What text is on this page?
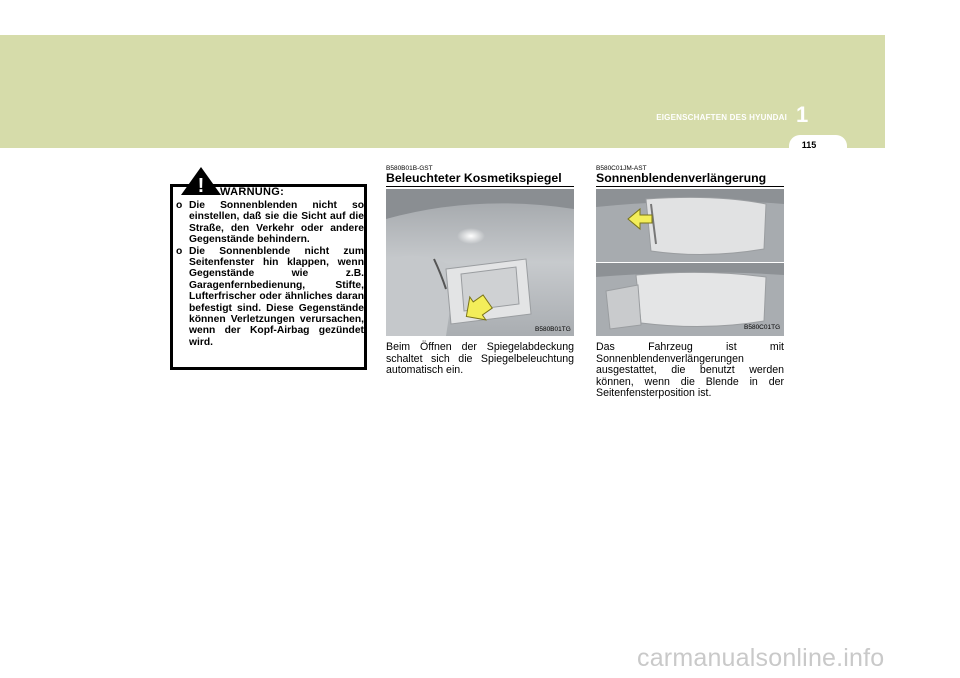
1
EIGENSCHAFTEN DES HYUNDAI
115
! WARNUNG:
o Die Sonnenblenden nicht so einstellen, daß sie die Sicht auf die Straße, den Verkehr oder andere Gegenstände behindern.
o Die Sonnenblende nicht zum Seitenfenster hin klappen, wenn Gegenstände wie z.B. Garagenfernbedienung, Stifte, Lufterfrischer oder ähnliches daran befestigt sind. Diese Gegenstände können Verletzungen verursachen, wenn der Kopf-Airbag gezündet wird.
B580B01B-GST
Beleuchteter Kosmetikspiegel
B580B01TG
Beim Öffnen der Spiegelabdeckung schaltet sich die Spiegelbeleuchtung automatisch ein.
B580C01JM-AST
Sonnenblendenverlängerung
B580C01TG
Das Fahrzeug ist mit Sonnenblendenverlängerungen ausgestattet, die benutzt werden können, wenn die Blende in der Seitenfensterposition ist.
carmanualsonline.info
